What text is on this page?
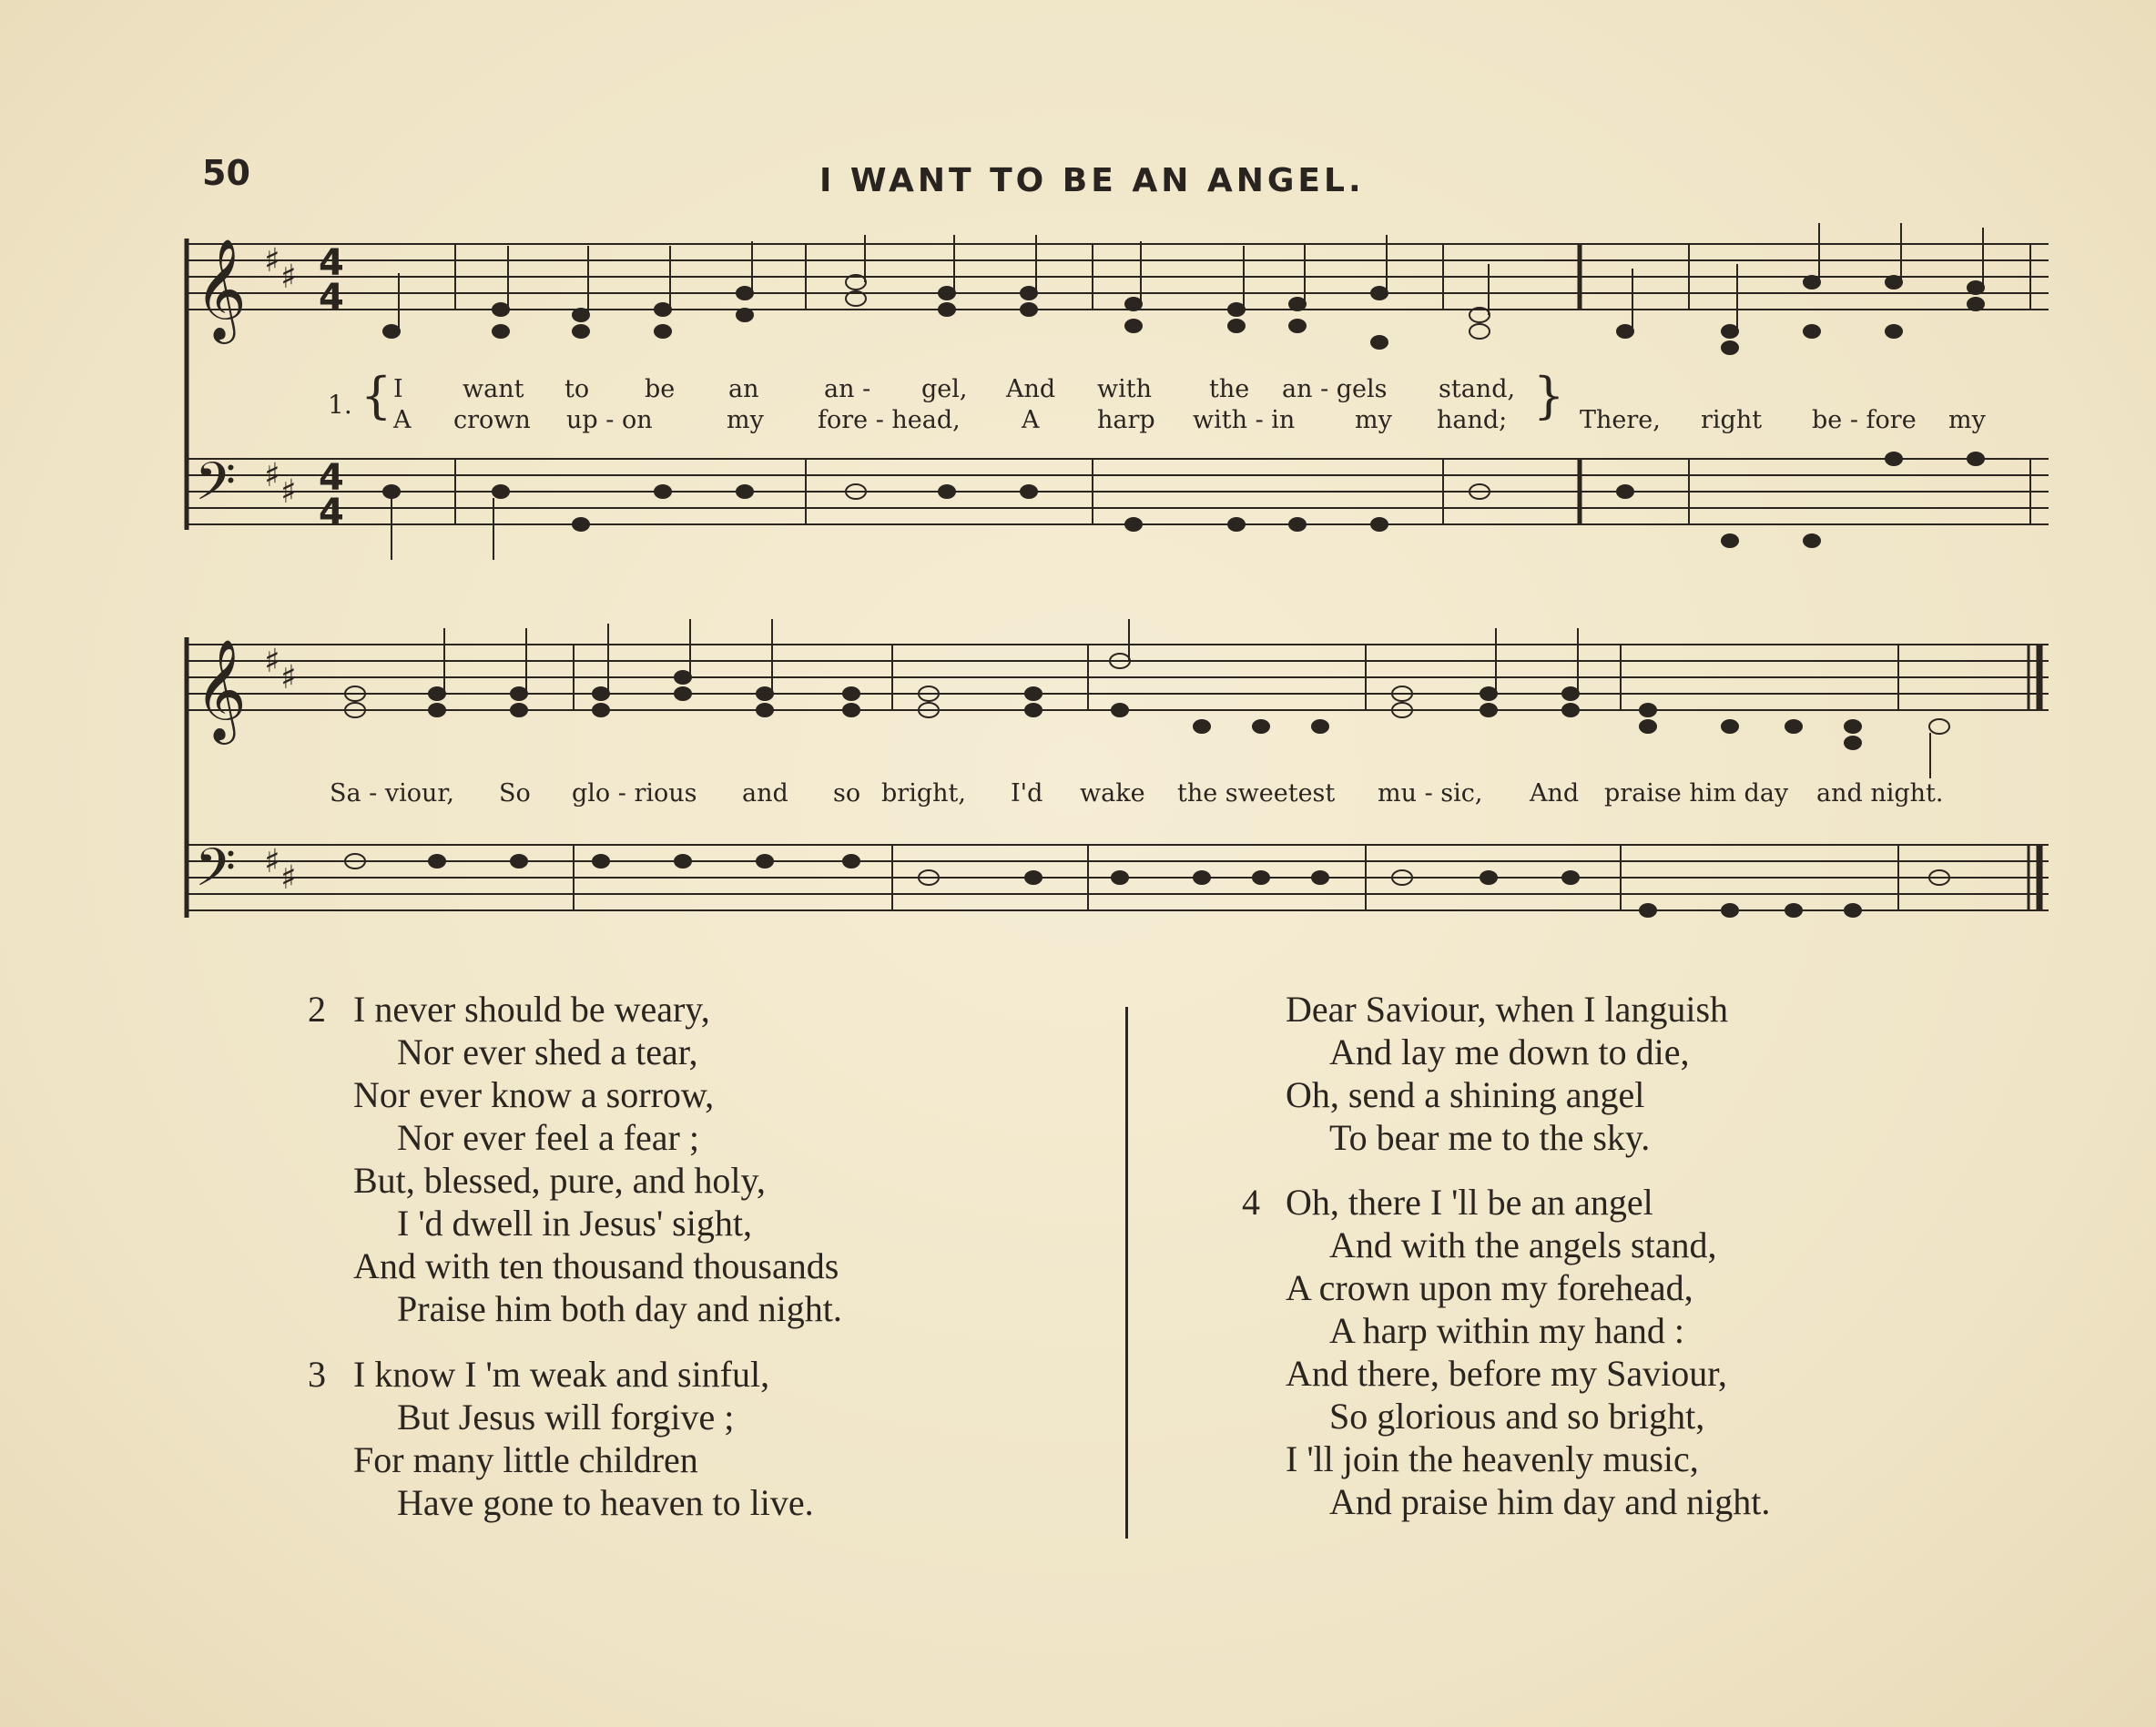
50	I WANT TO BE AN ANGEL.
𝄞
𝄢
𝄞
𝄢
♯ ♯
♯ ♯
♯ ♯
♯ ♯
4
4
4
4
1. {	}
I want to be an	an - gel, And with the an - gels stand,
A crown up - on	my fore - head, A harp with - in my hand;	There, right be - fore my
Sa - viour, So glo - rious and so bright, I'd wake the sweetest mu - sic, And praise him day and night.
2 I never should be weary,
Nor ever shed a tear,
Nor ever know a sorrow,
Nor ever feel a fear ;
But, blessed, pure, and holy,
I 'd dwell in Jesus' sight,
And with ten thousand thousands
Praise him both day and night.
3 I know I 'm weak and sinful,
But Jesus will forgive ;
For many little children
Have gone to heaven to live.
Dear Saviour, when I languish
And lay me down to die,
Oh, send a shining angel
To bear me to the sky.
4 Oh, there I 'll be an angel
And with the angels stand,
A crown upon my forehead,
A harp within my hand :
And there, before my Saviour,
So glorious and so bright,
I 'll join the heavenly music,
And praise him day and night.
